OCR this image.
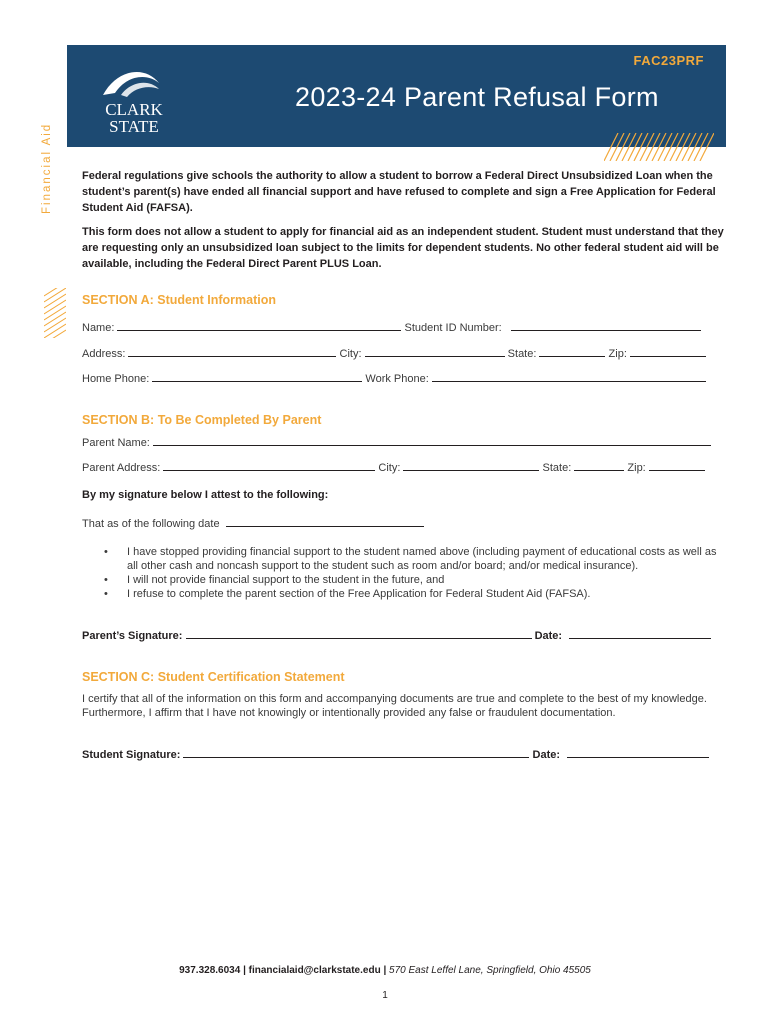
Financial Aid
CLARK
STATE
FAC23PRF
2023-24 Parent Refusal Form

Federal regulations give schools the authority to allow a student to borrow a Federal Direct Unsubsidized Loan when the student’s parent(s) have ended all financial support and have refused to complete and sign a Free Application for Federal Student Aid (FAFSA).

This form does not allow a student to apply for financial aid as an independent student. Student must understand that they are requesting only an unsubsidized loan subject to the limits for dependent students. No other federal student aid will be available, including the Federal Direct Parent PLUS Loan.

SECTION A: Student Information
Name:	Student ID Number:
Address:	City:	State:	Zip:
Home Phone:	Work Phone:
SECTION B: To Be Completed By Parent
Parent Name:
Parent Address:	City:	State:	Zip:
By my signature below I attest to the following:
That as of the following date
• I have stopped providing financial support to the student named above (including payment of educational costs as well as all other cash and noncash support to the student such as room and/or board; and/or medical insurance).
• I will not provide financial support to the student in the future, and
• I refuse to complete the parent section of the Free Application for Federal Student Aid (FAFSA).
Parent’s Signature:	Date:
SECTION C: Student Certification Statement

I certify that all of the information on this form and accompanying documents are true and complete to the best of my knowledge. Furthermore, I affirm that I have not knowingly or intentionally provided any false or fraudulent documentation.

Student Signature:	Date:
937.328.6034 | financialaid@clarkstate.edu | 570 East Leffel Lane, Springfield, Ohio 45505
1
